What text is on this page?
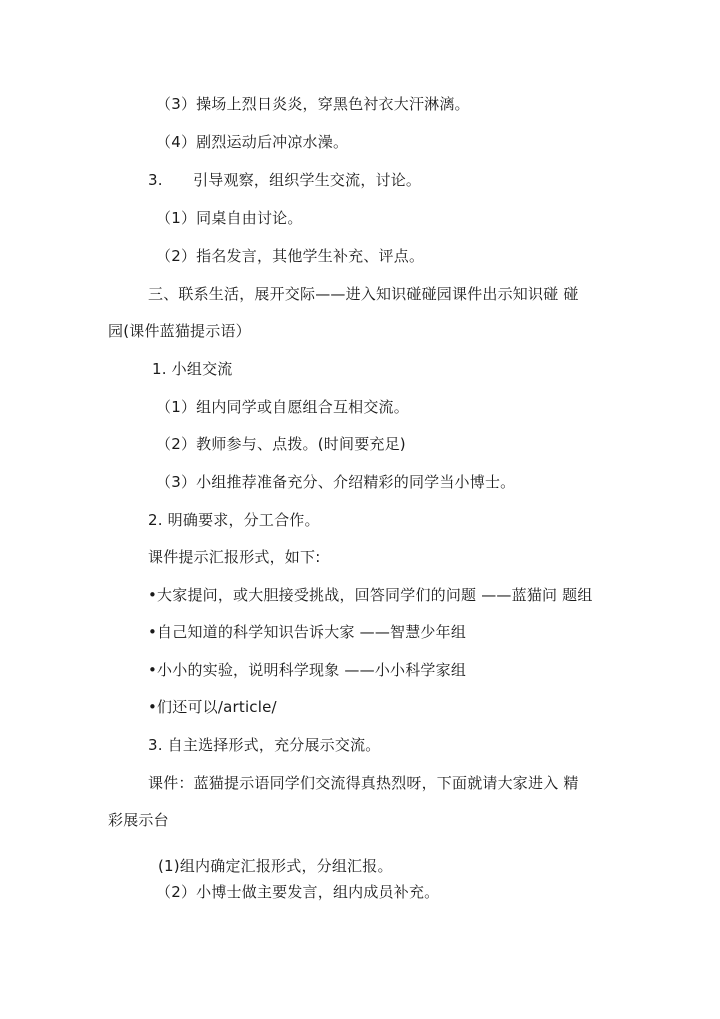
（3）操场上烈日炎炎，穿黑色衬衣大汗淋漓。
（4）剧烈运动后冲凉水澡。
3.　　引导观察，组织学生交流，讨论。
（1）同桌自由讨论。
（2）指名发言，其他学生补充、评点。
三、联系生活，展开交际——进入知识碰碰园课件出示知识碰 碰
园(课件蓝猫提示语）
1. 小组交流
（1）组内同学或自愿组合互相交流。
（2）教师参与、点拨。(时间要充足)
（3）小组推荐准备充分、介绍精彩的同学当小博士。
2. 明确要求，分工合作。
课件提示汇报形式，如下:
•大家提问，或大胆接受挑战，回答同学们的问题 ——蓝猫问 题组
•自己知道的科学知识告诉大家 ——智慧少年组
•小小的实验，说明科学现象 ——小小科学家组
•们还可以/article/
3. 自主选择形式，充分展示交流。
课件：蓝猫提示语同学们交流得真热烈呀，下面就请大家进入 精
彩展示台
(1)组内确定汇报形式，分组汇报。
（2）小博士做主要发言，组内成员补充。
